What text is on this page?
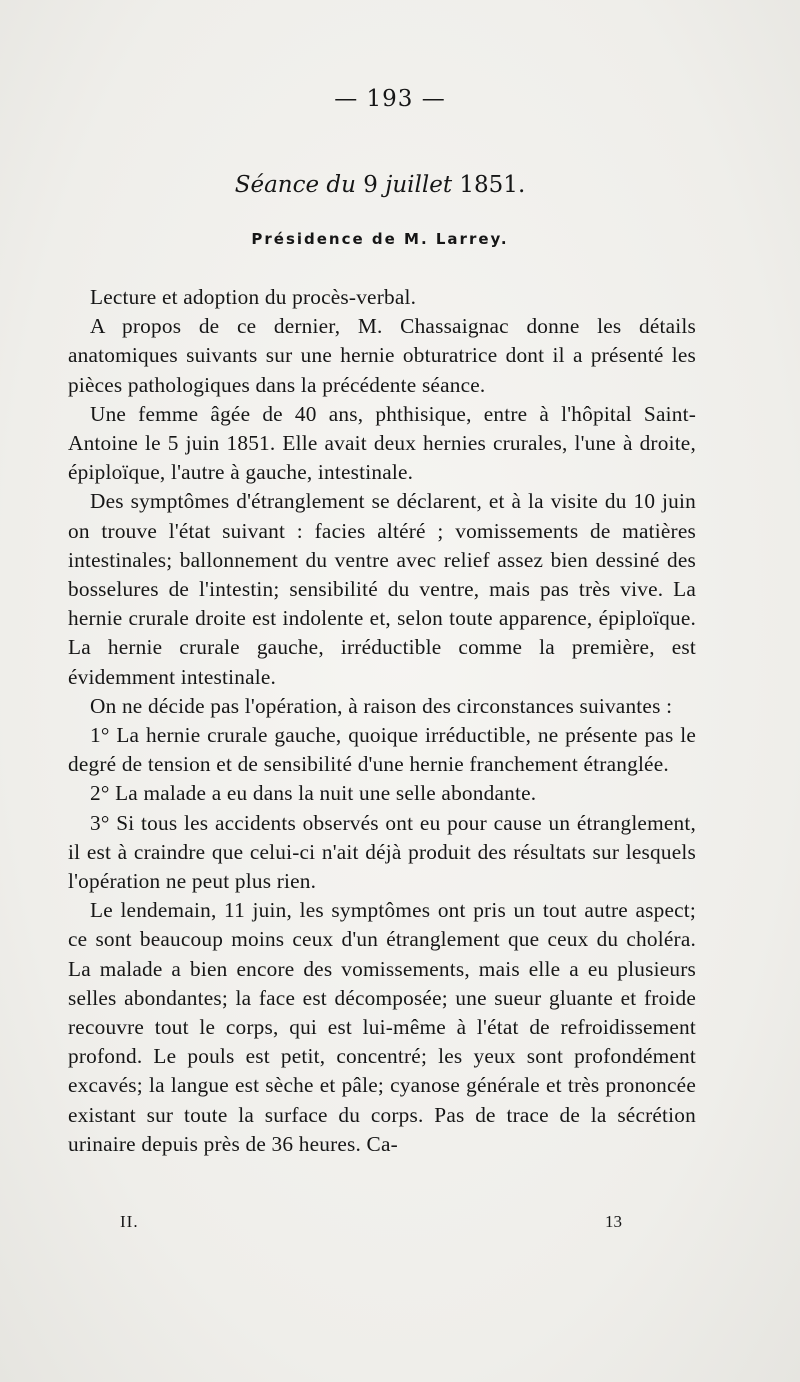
— 193 —
Séance du 9 juillet 1851.
Présidence de M. Larrey.

Lecture et adoption du procès-verbal.

A propos de ce dernier, M. Chassaignac donne les détails anatomiques suivants sur une hernie obturatrice dont il a présenté les pièces pathologiques dans la précédente séance.

Une femme âgée de 40 ans, phthisique, entre à l'hôpital Saint-Antoine le 5 juin 1851. Elle avait deux hernies crurales, l'une à droite, épiploïque, l'autre à gauche, intestinale.

Des symptômes d'étranglement se déclarent, et à la visite du 10 juin on trouve l'état suivant : facies altéré ; vomissements de matières intestinales; ballonnement du ventre avec relief assez bien dessiné des bosselures de l'intestin; sensibilité du ventre, mais pas très vive. La hernie crurale droite est indolente et, selon toute apparence, épiploïque. La hernie crurale gauche, irréductible comme la première, est évidemment intestinale.

On ne décide pas l'opération, à raison des circonstances suivantes :

1° La hernie crurale gauche, quoique irréductible, ne présente pas le degré de tension et de sensibilité d'une hernie franchement étranglée.

2° La malade a eu dans la nuit une selle abondante.

3° Si tous les accidents observés ont eu pour cause un étranglement, il est à craindre que celui-ci n'ait déjà produit des résultats sur lesquels l'opération ne peut plus rien.

Le lendemain, 11 juin, les symptômes ont pris un tout autre aspect; ce sont beaucoup moins ceux d'un étranglement que ceux du choléra. La malade a bien encore des vomissements, mais elle a eu plusieurs selles abondantes; la face est décomposée; une sueur gluante et froide recouvre tout le corps, qui est lui-même à l'état de refroidissement profond. Le pouls est petit, concentré; les yeux sont profondément excavés; la langue est sèche et pâle; cyanose générale et très prononcée existant sur toute la surface du corps. Pas de trace de la sécrétion urinaire depuis près de 36 heures. Ca-

II.	13
